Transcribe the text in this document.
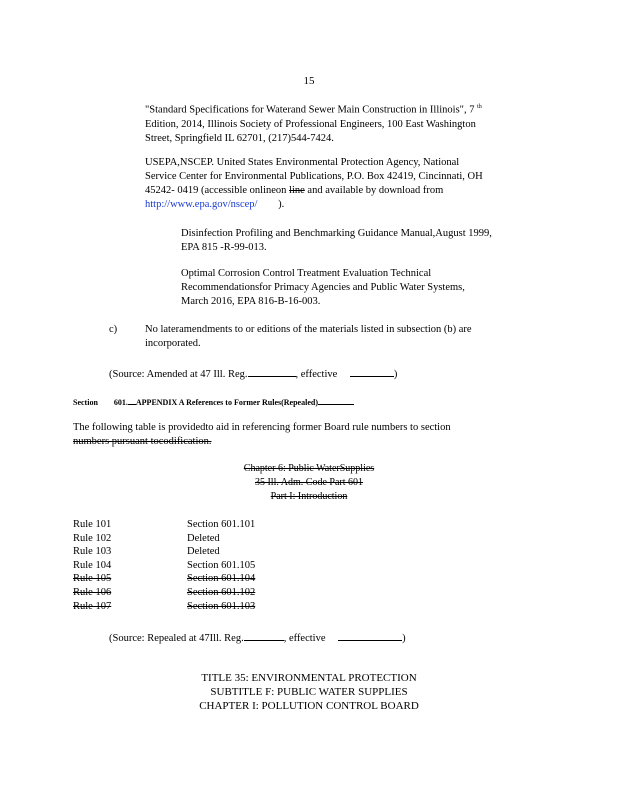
15
"Standard Specifications for Waterand Sewer Main Construction in Illinois", 7 $^{th}$
Edition, 2014, Illinois Society of Professional Engineers, 100 East Washington

Street, Springfield IL 62701, (217)544-7424.
USEPA,NSCEP. United States Environmental Protection Agency, National
Service Center for Environmental Publications, P.O. Box 42419, Cincinnati, OH
45242- 0419 (accessible onlineon line and available by download from
http://www.epa.gov/nscep/ ).
Disinfection Profiling and Benchmarking Guidance Manual,August 1999,

EPA 815 -R-99-013.
Optimal Corrosion Control Treatment Evaluation Technical
Recommendationsfor Primacy Agencies and Public Water Systems,

March 2016, EPA 816-B-16-003.
c)	No lateramendments to or editions of the materials listed in subsection (b) are

incorporated.
(Source: Amended at 47 Ill. Reg.	, effective	)
Section 601. APPENDIX A References to Former Rules(Repealed)
The following table is providedto aid in referencing former Board rule numbers to section

numbers pursuant tocodification.
Chapter 6: Public WaterSupplies
35 Ill. Adm. Code Part 601
Part I: Introduction
Rule 101	Section 601.101
Rule 102	Deleted
Rule 103	Deleted
Rule 104	Section 601.105
Rule 105	Section 601.104
Rule 106	Section 601.102
Rule 107	Section 601.103
(Source: Repealed at 47Ill. Reg.	, effective	)
TITLE 35: ENVIRONMENTAL PROTECTION
SUBTITLE F: PUBLIC WATER SUPPLIES
CHAPTER I: POLLUTION CONTROL BOARD
